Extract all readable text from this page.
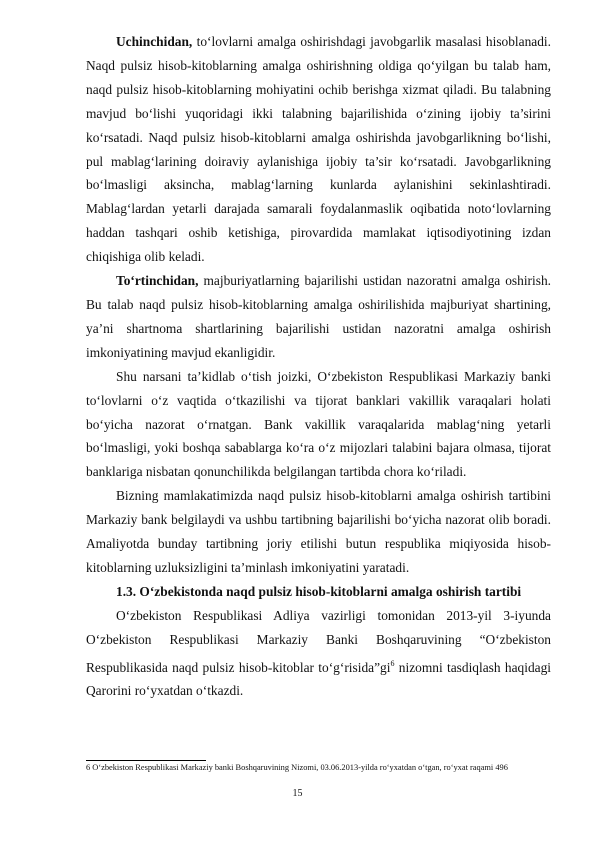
Uchinchidan, to‘lovlarni amalga oshirishdagi javobgarlik masalasi hisoblanadi. Naqd pulsiz hisob-kitoblarning amalga oshirishning oldiga qo‘yilgan bu talab ham, naqd pulsiz hisob-kitoblarning mohiyatini ochib berishga xizmat qiladi. Bu talabning mavjud bo‘lishi yuqoridagi ikki talabning bajarilishida o‘zining ijobiy ta’sirini ko‘rsatadi. Naqd pulsiz hisob-kitoblarni amalga oshirishda javobgarlikning bo‘lishi, pul mablag‘larining doiraviy aylanishiga ijobiy ta’sir ko‘rsatadi. Javobgarlikning bo‘lmasligi aksincha, mablag‘larning kunlarda aylanishini sekinlashtiradi. Mablag‘lardan yetarli darajada samarali foydalanmaslik oqibatida noto‘lovlarning haddan tashqari oshib ketishiga, pirovardida mamlakat iqtisodiyotining izdan chiqishiga olib keladi.

To‘rtinchidan, majburiyatlarning bajarilishi ustidan nazoratni amalga oshirish. Bu talab naqd pulsiz hisob-kitoblarning amalga oshirilishida majburiyat shartining, ya’ni shartnoma shartlarining bajarilishi ustidan nazoratni amalga oshirish imkoniyatining mavjud ekanligidir.

Shu narsani ta’kidlab o‘tish joizki, O‘zbekiston Respublikasi Markaziy banki to‘lovlarni o‘z vaqtida o‘tkazilishi va tijorat banklari vakillik varaqalari holati bo‘yicha nazorat o‘rnatgan. Bank vakillik varaqalarida mablag‘ning yetarli bo‘lmasligi, yoki boshqa sabablarga ko‘ra o‘z mijozlari talabini bajara olmasa, tijorat banklariga nisbatan qonunchilikda belgilangan tartibda chora ko‘riladi.

Bizning mamlakatimizda naqd pulsiz hisob-kitoblarni amalga oshirish tartibini Markaziy bank belgilaydi va ushbu tartibning bajarilishi bo‘yicha nazorat olib boradi. Amaliyotda bunday tartibning joriy etilishi butun respublika miqiyosida hisob-kitoblarning uzluksizligini ta’minlash imkoniyatini yaratadi.

1.3. O‘zbekistonda naqd pulsiz hisob-kitoblarni amalga oshirish tartibi

O‘zbekiston Respublikasi Adliya vazirligi tomonidan 2013-yil 3-iyunda O‘zbekiston Respublikasi Markaziy Banki Boshqaruvining “O‘zbekiston Respublikasida naqd pulsiz hisob-kitoblar $to‘g‘risida”gi^6$ nizomni tasdiqlash haqidagi Qarorini ro‘yxatdan o‘tkazdi.

6 O‘zbekiston Respublikasi Markaziy banki Boshqaruvining Nizomi, 03.06.2013-yilda ro‘yxatdan o‘tgan, ro‘yxat raqami 496
15
